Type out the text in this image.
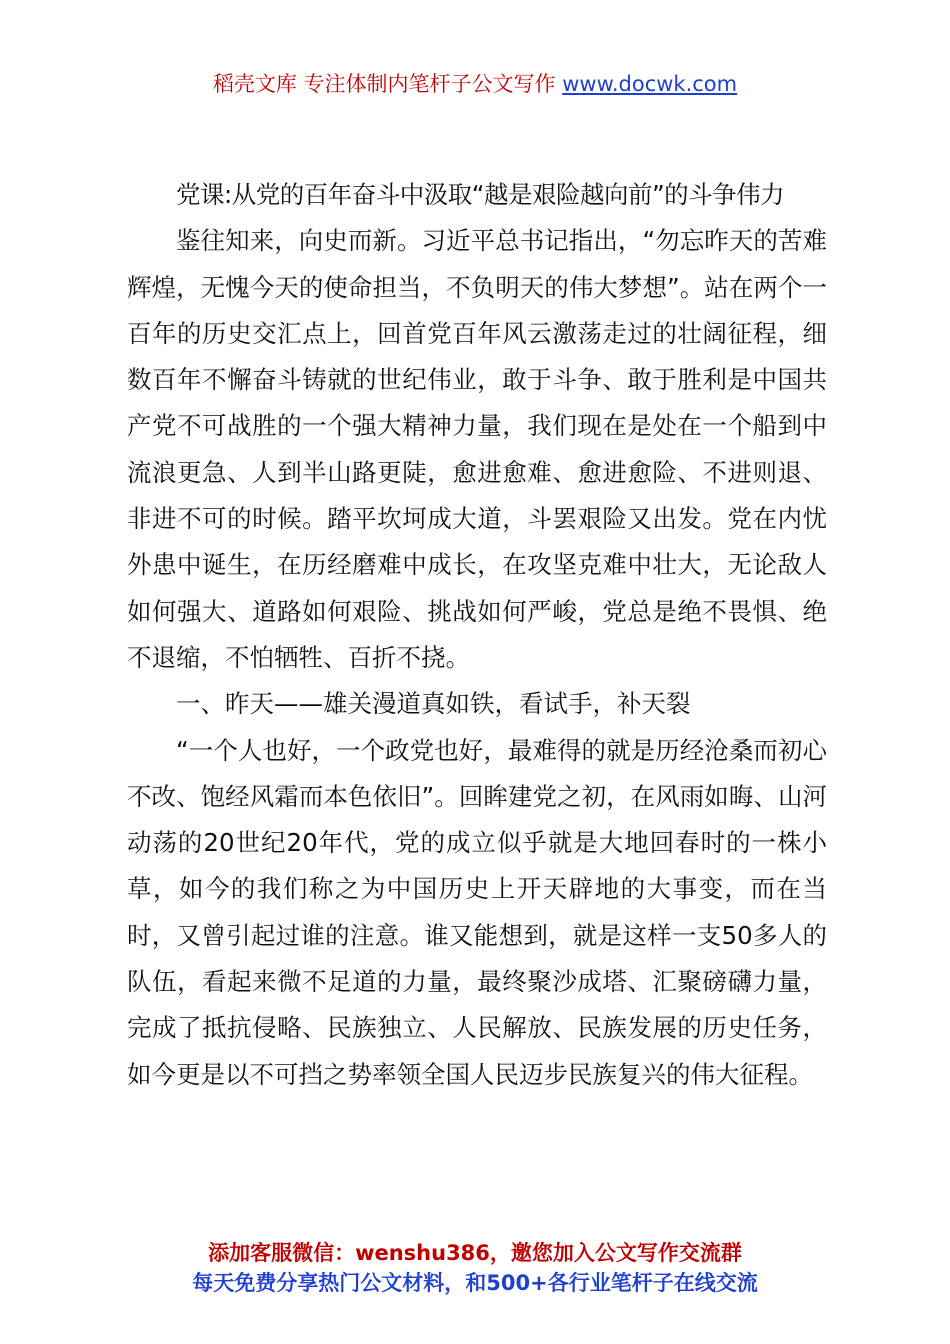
稻壳文库 专注体制内笔杆子公文写作 www.docwk.com

党课:从党的百年奋斗中汲取“越是艰险越向前”的斗争伟力

鉴往知来，向史而新。习近平总书记指出，“勿忘昨天的苦难辉煌，无愧今天的使命担当，不负明天的伟大梦想”。站在两个一百年的历史交汇点上，回首党百年风云激荡走过的壮阔征程，细数百年不懈奋斗铸就的世纪伟业，敢于斗争、敢于胜利是中国共产党不可战胜的一个强大精神力量，我们现在是处在一个船到中流浪更急、人到半山路更陡，愈进愈难、愈进愈险、不进则退、非进不可的时候。踏平坎坷成大道，斗罢艰险又出发。党在内忧外患中诞生，在历经磨难中成长，在攻坚克难中壮大，无论敌人如何强大、道路如何艰险、挑战如何严峻，党总是绝不畏惧、绝不退缩，不怕牺牲、百折不挠。

一、昨天——雄关漫道真如铁，看试手，补天裂

“一个人也好，一个政党也好，最难得的就是历经沧桑而初心不改、饱经风霜而本色依旧”。回眸建党之初，在风雨如晦、山河动荡的20世纪20年代，党的成立似乎就是大地回春时的一株小草，如今的我们称之为中国历史上开天辟地的大事变，而在当时，又曾引起过谁的注意。谁又能想到，就是这样一支50多人的队伍，看起来微不足道的力量，最终聚沙成塔、汇聚磅礴力量，完成了抵抗侵略、民族独立、人民解放、民族发展的历史任务，如今更是以不可挡之势率领全国人民迈步民族复兴的伟大征程。

添加客服微信：wenshu386，邀您加入公文写作交流群
每天免费分享热门公文材料，和500+各行业笔杆子在线交流
